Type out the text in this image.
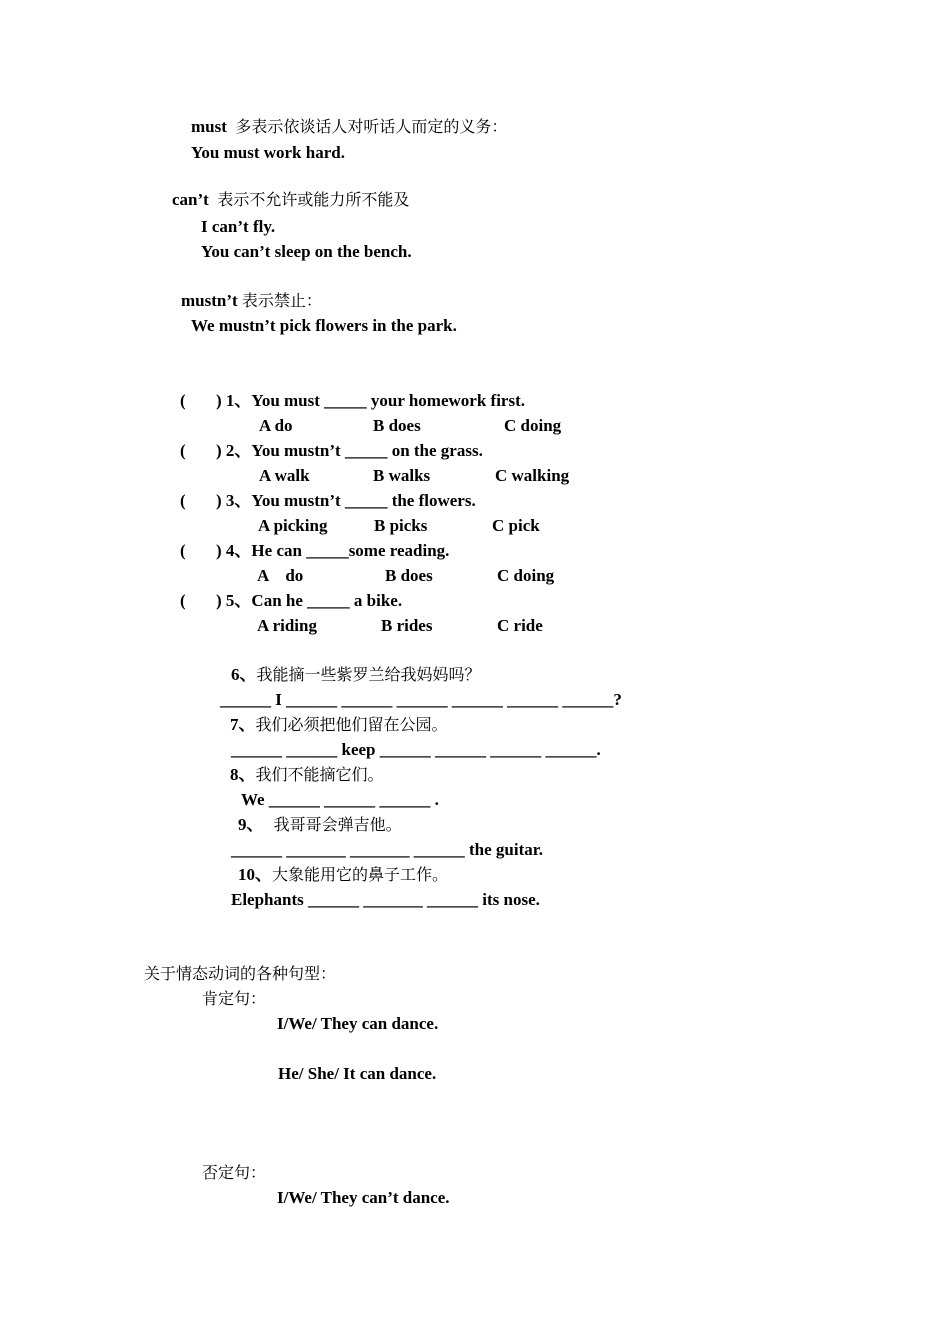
must 多表示依谈话人对听话人而定的义务：
You must work hard.
can’t 表示不允许或能力所不能及
I can’t fly.
You can’t sleep on the bench.
mustn’t 表示禁止：
We mustn’t pick flowers in the park.
( ) 1、You must _____ your homework first.
A do	B does	C doing
( ) 2、You mustn’t _____ on the grass.
A walk	B walks	C walking
( ) 3、You mustn’t _____ the flowers.
A picking	B picks	C pick
( ) 4、He can _____some reading.
A    do	B does	C doing
( ) 5、Can he _____ a bike.
A riding	B rides	C ride
6、我能摘一些紫罗兰给我妈妈吗？
______ I ______ ______ ______ ______ ______ ______?
7、我们必须把他们留在公园。
______ ______ keep ______ ______ ______ ______.
8、我们不能摘它们。
We ______ ______ ______ .
9、  我哥哥会弹吉他。
______ _______ _______ ______ the guitar.
10、大象能用它的鼻子工作。
Elephants ______ _______ ______ its nose.
关于情态动词的各种句型：
肯定句：
I/We/ They can dance.
He/ She/ It can dance.
否定句：
I/We/ They can’t dance.
